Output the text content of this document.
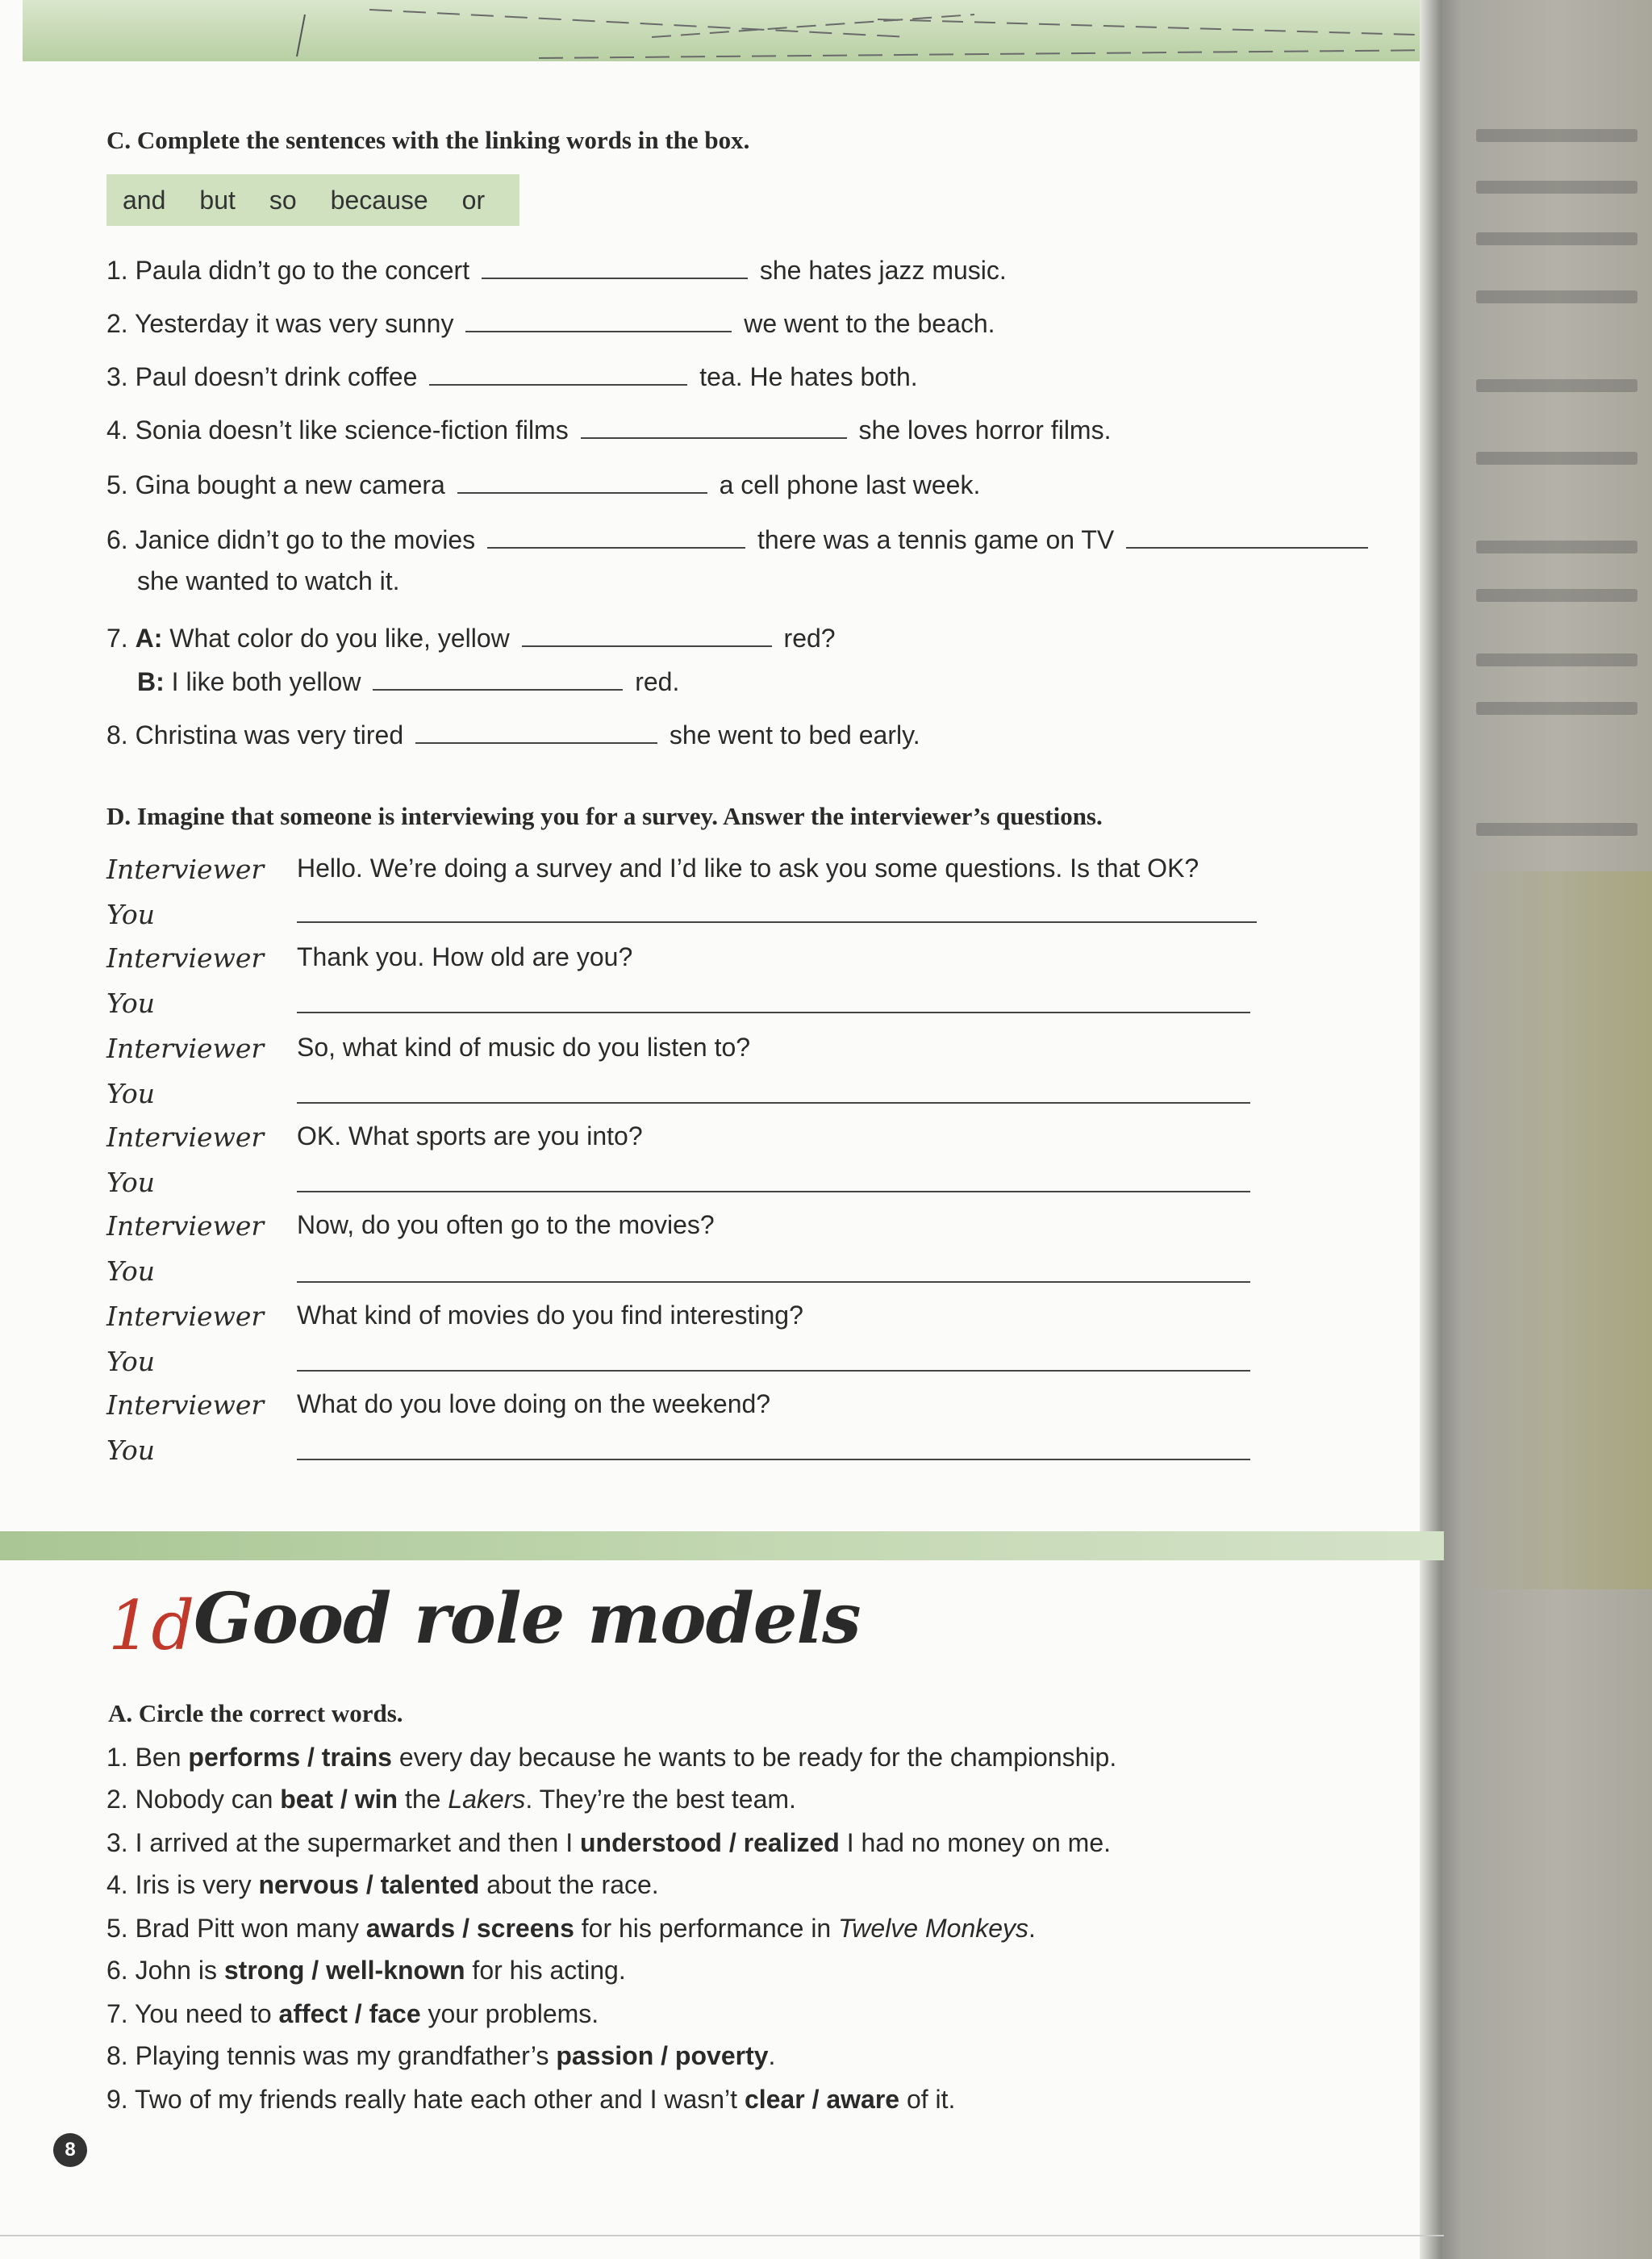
C. Complete the sentences with the linking words in the box.
and but so because or
1. Paula didn’t go to the concert	she hates jazz music.
2. Yesterday it was very sunny	we went to the beach.
3. Paul doesn’t drink coffee	tea. He hates both.
4. Sonia doesn’t like science-fiction films	she loves horror films.
5. Gina bought a new camera	a cell phone last week.
6. Janice didn’t go to the movies	there was a tennis game on TV
she wanted to watch it.
7. A: What color do you like, yellow	red?
B: I like both yellow	red.
8. Christina was very tired	she went to bed early.
D. Imagine that someone is interviewing you for a survey. Answer the interviewer’s questions.
Interviewer Hello. We’re doing a survey and I’d like to ask you some questions. Is that OK?
You
Interviewer Thank you. How old are you?
You
Interviewer So, what kind of music do you listen to?
You
Interviewer OK. What sports are you into?
You
Interviewer Now, do you often go to the movies?
You
Interviewer What kind of movies do you find interesting?
You
Interviewer What do you love doing on the weekend?
You
1d
Good role models
A. Circle the correct words.
1. Ben performs / trains every day because he wants to be ready for the championship.
2. Nobody can beat / win the Lakers. They’re the best team.
3. I arrived at the supermarket and then I understood / realized I had no money on me.
4. Iris is very nervous / talented about the race.
5. Brad Pitt won many awards / screens for his performance in Twelve Monkeys.
6. John is strong / well-known for his acting.
7. You need to affect / face your problems.
8. Playing tennis was my grandfather’s passion / poverty.
9. Two of my friends really hate each other and I wasn’t clear / aware of it.
8
